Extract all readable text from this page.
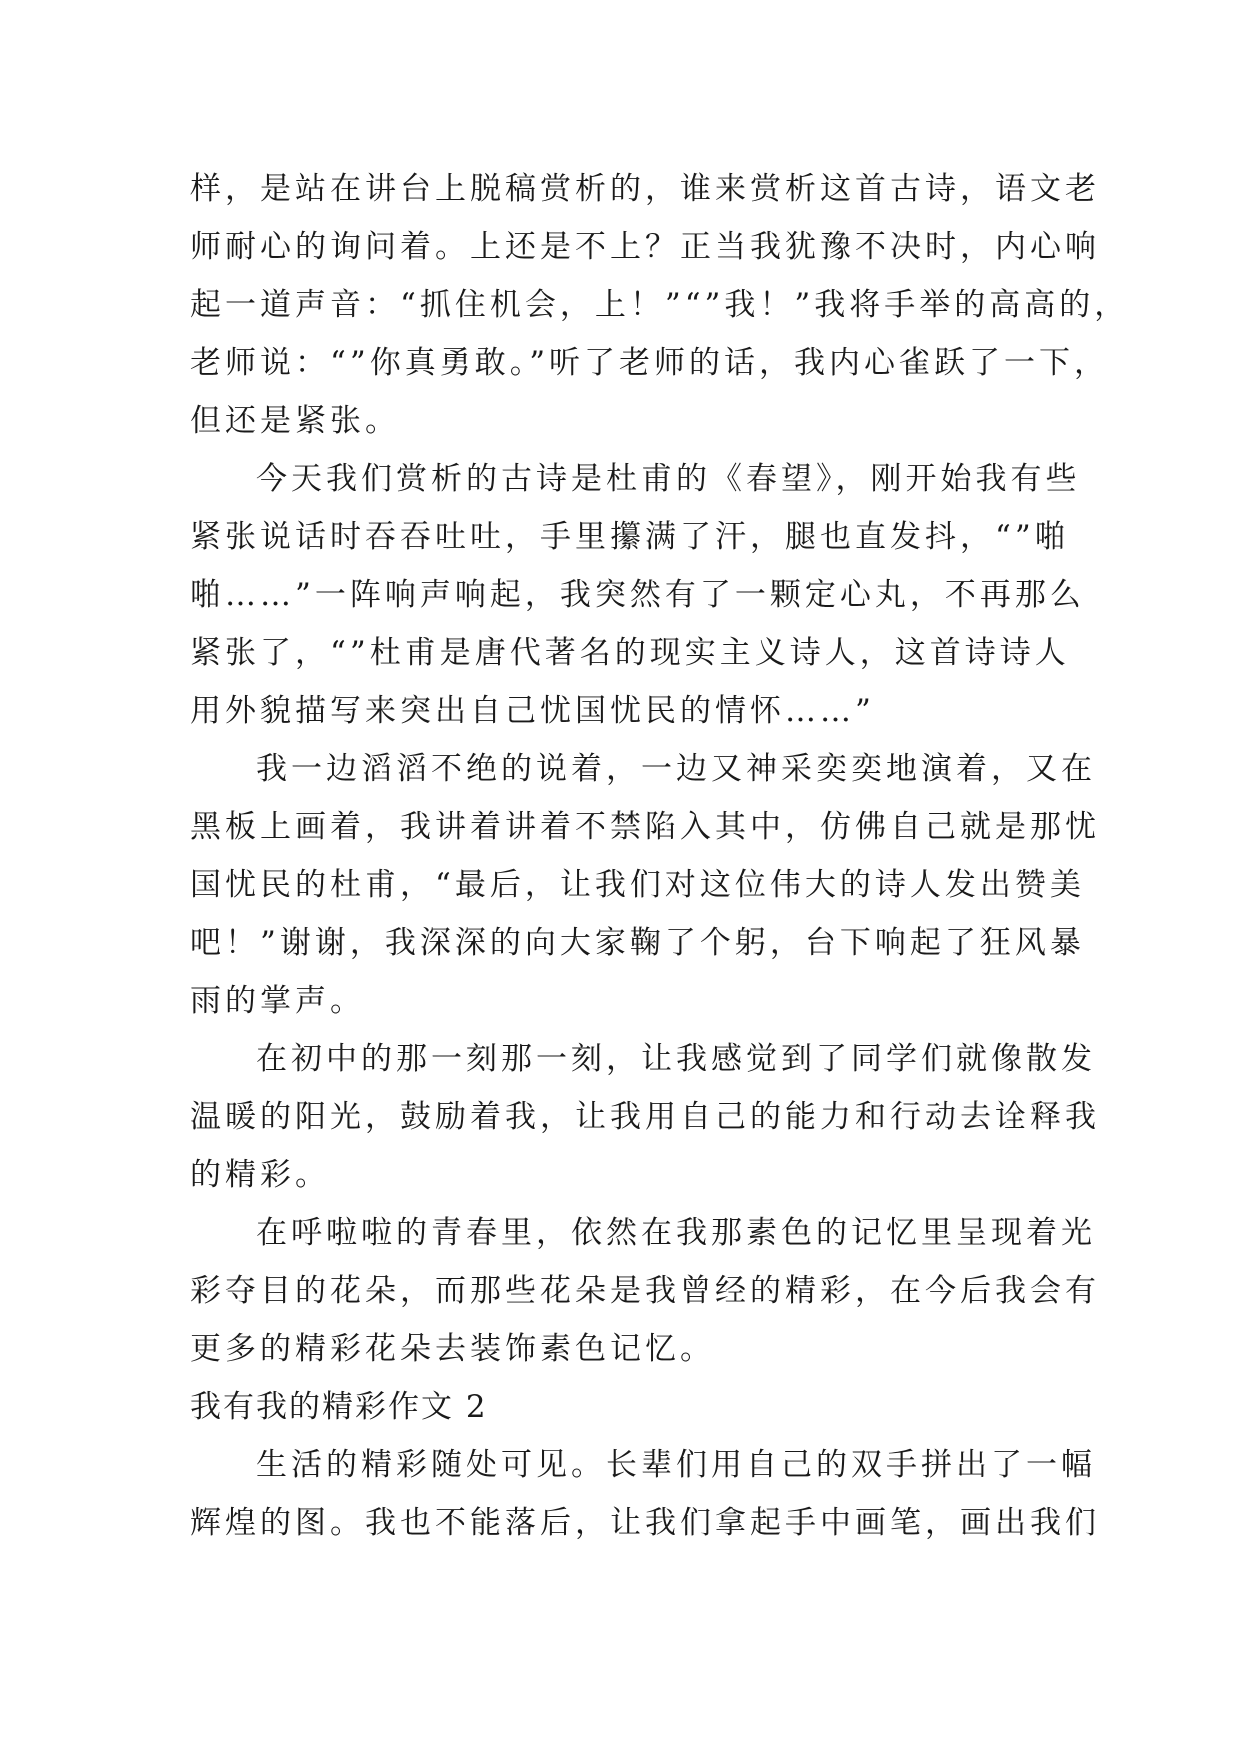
样，是站在讲台上脱稿赏析的，谁来赏析这首古诗，语文老
师耐心的询问着。上还是不上？正当我犹豫不决时，内心响
起一道声音：“抓住机会，上！”“”我！”我将手举的高高的，
老师说：“”你真勇敢。”听了老师的话，我内心雀跃了一下，
但还是紧张。
今天我们赏析的古诗是杜甫的《春望》，刚开始我有些
紧张说话时吞吞吐吐，手里攥满了汗，腿也直发抖，“”啪
啪……”一阵响声响起，我突然有了一颗定心丸，不再那么
紧张了，“”杜甫是唐代著名的现实主义诗人，这首诗诗人
用外貌描写来突出自己忧国忧民的情怀……”
我一边滔滔不绝的说着，一边又神采奕奕地演着，又在
黑板上画着，我讲着讲着不禁陷入其中，仿佛自己就是那忧
国忧民的杜甫，“最后，让我们对这位伟大的诗人发出赞美
吧！”谢谢，我深深的向大家鞠了个躬，台下响起了狂风暴
雨的掌声。
在初中的那一刻那一刻，让我感觉到了同学们就像散发
温暖的阳光，鼓励着我，让我用自己的能力和行动去诠释我
的精彩。
在呼啦啦的青春里，依然在我那素色的记忆里呈现着光
彩夺目的花朵，而那些花朵是我曾经的精彩，在今后我会有
更多的精彩花朵去装饰素色记忆。
我有我的精彩作文 2
生活的精彩随处可见。长辈们用自己的双手拼出了一幅
辉煌的图。我也不能落后，让我们拿起手中画笔，画出我们
